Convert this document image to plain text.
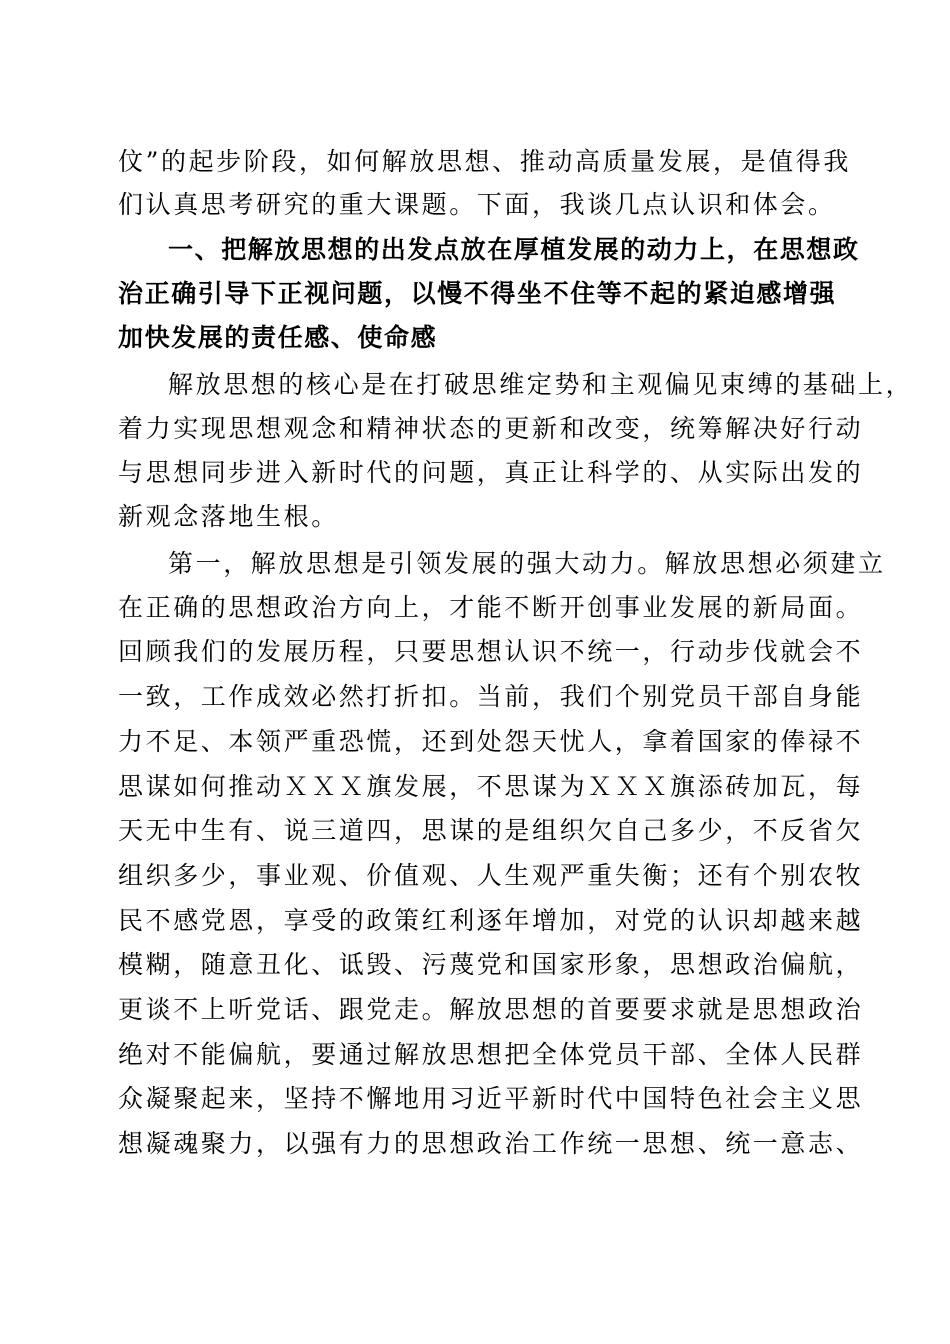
伩”的起步阶段，如何解放思想、推动高质量发展，是值得我
们认真思考研究的重大课题。下面，我谈几点认识和体会。
一、把解放思想的出发点放在厚植发展的动力上，在思想政
治正确引导下正视问题，以慢不得坐不住等不起的紧迫感增强
加快发展的责任感、使命感
解放思想的核心是在打破思维定势和主观偏见束缚的基础上，
着力实现思想观念和精神状态的更新和改变，统筹解决好行动
与思想同步进入新时代的问题，真正让科学的、从实际出发的
新观念落地生根。
第一，解放思想是引领发展的强大动力。解放思想必须建立
在正确的思想政治方向上，才能不断开创事业发展的新局面。
回顾我们的发展历程，只要思想认识不统一，行动步伐就会不
一致，工作成效必然打折扣。当前，我们个别党员干部自身能
力不足、本领严重恐慌，还到处怨天忧人，拿着国家的俸禄不
思谋如何推动ＸＸＸ旗发展，不思谋为ＸＸＸ旗添砖加瓦，每
天无中生有、说三道四，思谋的是组织欠自己多少，不反省欠
组织多少，事业观、价值观、人生观严重失衡；还有个别农牧
民不感党恩，享受的政策红利逐年增加，对党的认识却越来越
模糊，随意丑化、诋毁、污蔑党和国家形象，思想政治偏航，
更谈不上听党话、跟党走。解放思想的首要要求就是思想政治
绝对不能偏航，要通过解放思想把全体党员干部、全体人民群
众凝聚起来，坚持不懈地用习近平新时代中国特色社会主义思
想凝魂聚力，以强有力的思想政治工作统一思想、统一意志、
